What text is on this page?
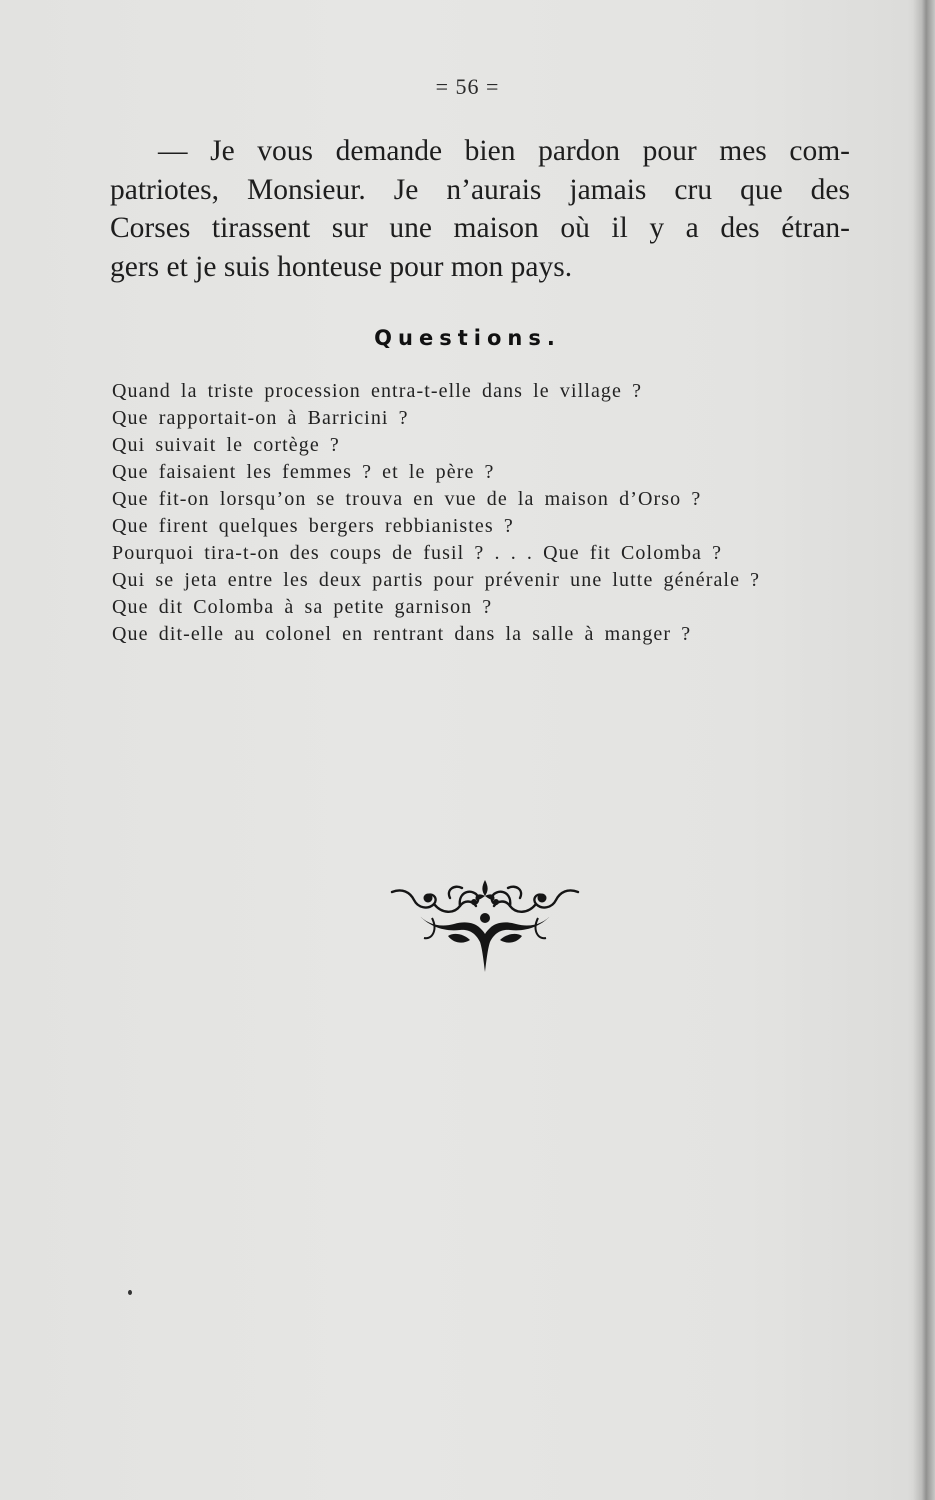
= 56 =

— Je vous demande bien pardon pour mes com-
patriotes, Monsieur. Je n’aurais jamais cru que des
Corses tirassent sur une maison où il y a des étran-
gers et je suis honteuse pour mon pays.

Questions.
Quand la triste procession entra-t-elle dans le village ?
Que rapportait-on à Barricini ?
Qui suivait le cortège ?
Que faisaient les femmes ? et le père ?
Que fit-on lorsqu’on se trouva en vue de la maison d’Orso ?
Que firent quelques bergers rebbianistes ?
Pourquoi tira-t-on des coups de fusil ? . . . Que fit Colomba ?
Qui se jeta entre les deux partis pour prévenir une lutte générale ?
Que dit Colomba à sa petite garnison ?
Que dit-elle au colonel en rentrant dans la salle à manger ?
